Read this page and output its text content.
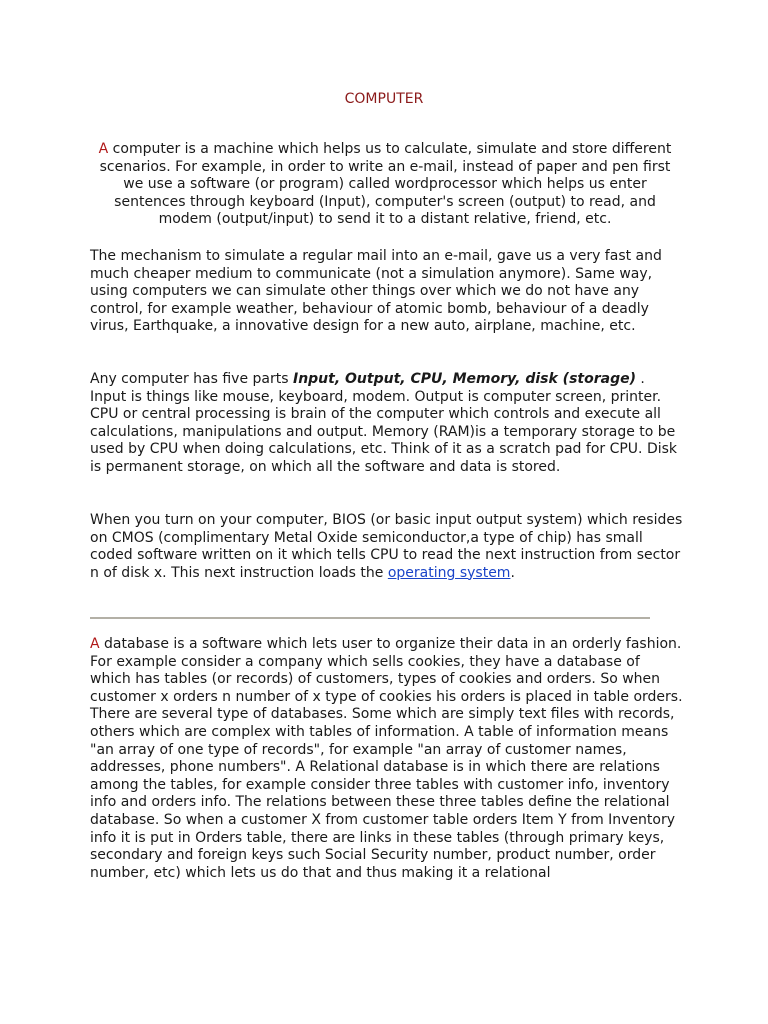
COMPUTER

A computer is a machine which helps us to calculate, simulate and store different scenarios. For example, in order to write an e-mail, instead of paper and pen first we use a software (or program) called wordprocessor which helps us enter sentences through keyboard (Input), computer's screen (output) to read, and modem (output/input) to send it to a distant relative, friend, etc.

The mechanism to simulate a regular mail into an e-mail, gave us a very fast and much cheaper medium to communicate (not a simulation anymore). Same way, using computers we can simulate other things over which we do not have any control, for example weather, behaviour of atomic bomb, behaviour of a deadly virus, Earthquake, a innovative design for a new auto, airplane, machine, etc.

Any computer has five parts Input, Output, CPU, Memory, disk (storage) . Input is things like mouse, keyboard, modem. Output is computer screen, printer. CPU or central processing is brain of the computer which controls and execute all calculations, manipulations and output. Memory (RAM)is a temporary storage to be used by CPU when doing calculations, etc. Think of it as a scratch pad for CPU. Disk is permanent storage, on which all the software and data is stored.

When you turn on your computer, BIOS (or basic input output system) which resides on CMOS (complimentary Metal Oxide semiconductor,a type of chip) has small coded software written on it which tells CPU to read the next instruction from sector n of disk x. This next instruction loads the operating system.

A database is a software which lets user to organize their data in an orderly fashion. For example consider a company which sells cookies, they have a database of which has tables (or records) of customers, types of cookies and orders. So when customer x orders n number of x type of cookies his orders is placed in table orders. There are several type of databases. Some which are simply text files with records, others which are complex with tables of information. A table of information means "an array of one type of records", for example "an array of customer names, addresses, phone numbers". A Relational database is in which there are relations among the tables, for example consider three tables with customer info, inventory info and orders info. The relations between these three tables define the relational database. So when a customer X from customer table orders Item Y from Inventory info it is put in Orders table, there are links in these tables (through primary keys, secondary and foreign keys such Social Security number, product number, order number, etc) which lets us do that and thus making it a relational
